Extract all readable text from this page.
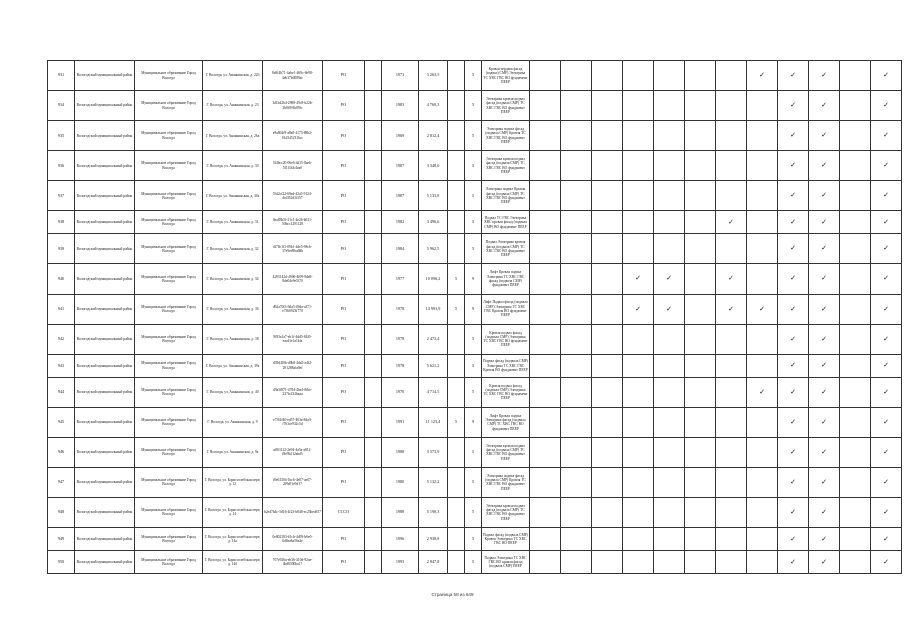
931	Вологодский муниципальный район	Муниципальное образование Город Вологда	Г. Вологда, ул. Ананьинская, д. 22б	8a9f4b71-4abe1-469c-8e98-4eb37b6089ac	РО		1971	3 263,5		5	Кровля чердака фасад (подвал) СМР) Электрика ТС ХВС ГВС ВО фундамент ПЕЕР								✓	✓	✓		✓
934	Вологодский муниципальный район	Муниципальное образование Город Вологда	Г. Вологда, ул. Ананьинская, д. 23	1d1b42b4-2988-49c8-b22b-2b8f091b89fc	РО		1983	4 769,3		5	Электрика кровля подвал фасад (подвала СМР) ТС ХВС ГВС ВО фундамент ПЕЕР									✓	✓		✓
935	Вологодский муниципальный район	Муниципальное образование Город Вологда	Г. Вологда, ул. Ананьинская, д. 26а	e9a804f9-a8a0-4173-88b2-01d345231bcc	РО		1969	2 812,4		5	Электрика подвал фасад (подвала СМР) Кровля ТС ХВС ГВС ВО фундамент ПЕЕР									✓	✓		✓
936	Вологодский муниципальный район	Муниципальное образование Город Вологда	Г. Вологда, ул. Ананьинская, д. 30	5f4bcc20-06e6-4d15-8aeb-5f1f3f4c4ea0	РО		1987	3 348,6		5	Электрика кровля подвал фасад (подвала СМР) ТС ХВС ГВС ВО фундамент ПЕЕР									✓	✓		✓
937	Вологодский муниципальный район	Муниципальное образование Город Вологда	Г. Вологда, ул. Ананьинская, д. 30а	5fd2cf22-69ed-42a5-9124-de4f52d3f357	РО		1987	5 133,8		5	Электрика подвал Кровля фасад (подвала СМР) ТС ХВС ГВС ВО фундамент ПЕЕР									✓	✓		✓
938	Вологодский муниципальный район	Муниципальное образование Город Вологда	Г. Вологда, ул. Ананьинская, д. 31	0ea83b5f-21c1-4e26-b021-50bcc1291128	РО		1982	3 496,6		5	Подвал ТС ГВС Электрика ХВС кровля фасад (подвала СМР) ВО фундамент ПЕЕР							✓		✓	✓		✓
939	Вологодский муниципальный район	Муниципальное образование Город Вологда	Г. Вологда, ул. Ананьинская, д. 32	df78c1f1-09b1-4de5-98cb-37e9ed9ba68b	РО		1984	5 962,5		5	Подвал Электрика кровля фасад (подвала СМР) ТС ХВС ГВС ВО фундамент ПЕЕР									✓	✓		✓
940	Вологодский муниципальный район	Муниципальное образование Город Вологда	Г. Вологда, ул. Ананьинская, д. 34	4293142d-4906-4f09-9de8-8de04e9e5f70	РО		1977	10 096,2	5	9	Лифт Кровля подвал Электрика ТС ХВС ГВС фасад (подвала СМР) фундамент ПЕЕР				✓	✓		✓		✓	✓		✓
941	Вологодский муниципальный район	Муниципальное образование Город Вологда	Г. Вологда, ул. Ананьинская, д. 36	d92a70f3-9da3-49da-a371-e7360923f770	РО		1978	14 993,9	5	9	Лифт Подвал фасад (подвала СМР) Электрика ТС ХВС ГВС Кровля ВО фундамент ПЕЕР				✓	✓		✓	✓	✓	✓		✓
942	Вологодский муниципальный район	Муниципальное образование Город Вологда	Г. Вологда, ул. Ананьинская, д. 38	9f83a1a7-eb1f-4dd5-84f0-eacd3e1a1bfa	РО		1978	2 473,4		5	Кровля подвал фасад (подвала СМР) Электрика ТС ХВС ГВС ВО фундамент ПЕЕР									✓	✓		✓
943	Вологодский муниципальный район	Муниципальное образование Город Вологда	Г. Вологда, ул. Ананьинская, д. 39а	d39d4f0b-d9b8-4da5-a4f2-201288afa9ef	РО		1978	5 621,2		5	Подвал фасад (подвала СМР) Электрика ТС ХВС ГВС Кровля ВО фундамент ПЕЕР									✓	✓		✓
944	Вологодский муниципальный район	Муниципальное образование Город Вологда	Г. Вологда, ул. Ананьинская, д. 40	d9a5f871-470d-4be4-8fbe-237fe232baaa	РО		1970	4 714,5		5	Кровля подвал фасад (подвала СМР) Электрика ТС ХВС ГВС ВО фундамент ПЕЕР								✓	✓	✓		✓
945	Вологодский муниципальный район	Муниципальное образование Город Вологда	Г. Вологда, ул. Ананьинская, д. 9	e7f61f40-ed57-463a-8da3-f763ce932c5d	РО		1991	11 123,4	5	9	Лифт Кровля подвал Электрика фасад (подвала СМР) ТС ХВС ГВС ВО фундамент ПЕЕР									✓	✓		✓
946	Вологодский муниципальный район	Муниципальное образование Город Вологда	Г. Вологда, ул. Ананьинская, д. 9а	af8f1112-2e94-4a5a-a812-f8e9b212abd5	РО		1988	3 573,9		5	Электрика кровля подвал фасад (подвала СМР) ТС ХВС ГВС ВО фундамент ПЕЕР									✓	✓		✓
947	Вологодский муниципальный район	Муниципальное образование Город Вологда	Г. Вологда, ул. Борисоглебская пере, д. 12	f0e63304-1bc6-4e07-ae07-2f9a91e9d17	РО		1980	5 132,2		5	Электрика подвал фасад (подвала СМР) Кровля ТС ХВС ГВС ВО фундамент ПЕЕР									✓	✓		✓
948	Вологодский муниципальный район	Муниципальное образование Город Вологда	Г. Вологда, ул. Борисоглебская пере, д. 14	b2ed7b4c-5d16-4f23-b848-ec23bea957	СССО		1988	5 190,3		5	Электрика кровля подвал фасад (подвала СМР) ТС ХВС ГВС ВО фундамент ПЕЕР									✓	✓		✓
949	Вологодский муниципальный район	Муниципальное образование Город Вологда	Г. Вологда, ул. Борисоглебская пере, д. 14а	0e802383-61cb-4d95-b6e0-6d8ea6a56a2e	РО		1996	2 938,8		5	Подвал фасад (подвала СМР) Кровля Электрика ТС ХВС ГВС ВО ПЕЕР									✓	✓		✓
950	Вологодский муниципальный район	Муниципальное образование Город Вологда	Г. Вологда, ул. Борисоглебская пере, д. 14б	707e926a-eb36-410d-92ae-4bd8300ba17	РО		1995	2 847,8		5	Подвал Электрика ТС ХВС ГВС ВО кровля фасад (подвала СМР) ПЕЕР									✓	✓		✓
Страница 58 из 649
